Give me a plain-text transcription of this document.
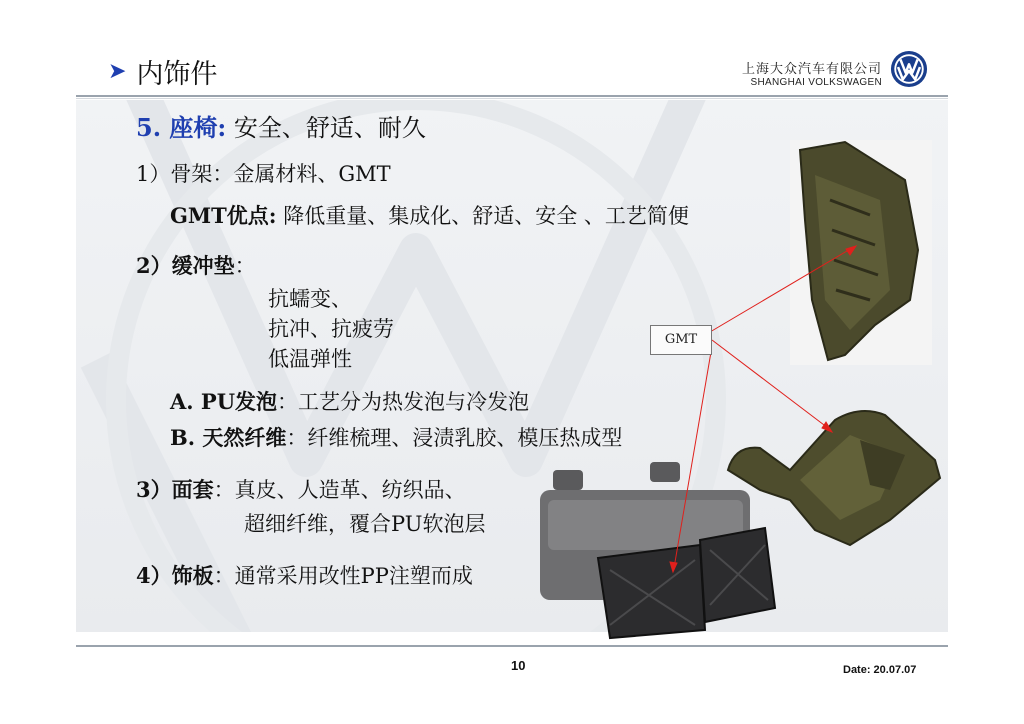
➤ 内饰件	上海大众汽车有限公司
SHANGHAI VOLKSWAGEN
5. 座椅: 安全、舒适、耐久
1）骨架：金属材料、GMT
GMT优点: 降低重量、集成化、舒适、安全 、工艺简便
2）缓冲垫：
抗蠕变、
抗冲、抗疲劳
低温弹性
A. PU发泡：工艺分为热发泡与冷发泡
B. 天然纤维：纤维梳理、浸渍乳胶、模压热成型
3）面套：真皮、人造革、纺织品、
超细纤维，覆合PU软泡层
4）饰板：通常采用改性PP注塑而成
GMT
10	Date: 20.07.07
